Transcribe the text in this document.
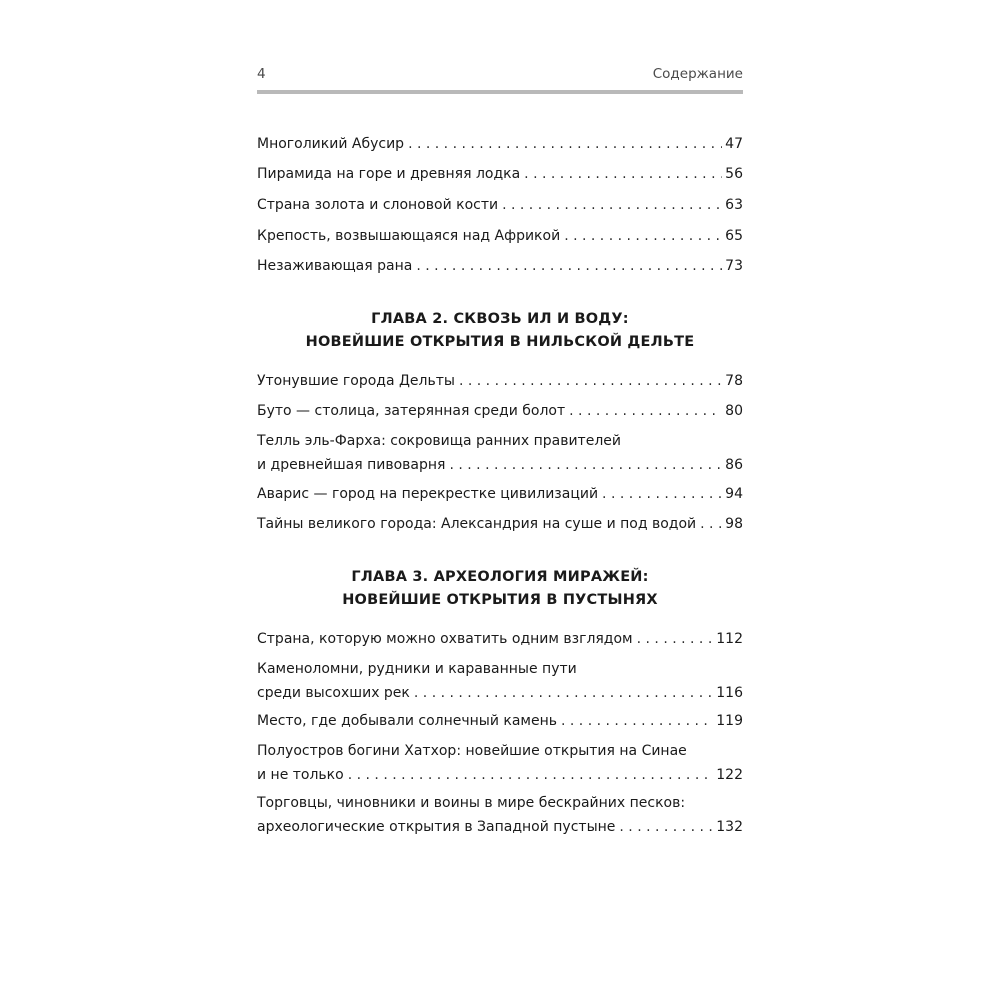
4	Содержание
Многоликий Абусир . . .	47
Пирамида на горе и древняя лодка . . .	56
Страна золота и слоновой кости . . .	63
Крепость, возвышающаяся над Африкой . . .	65
Незаживающая рана . . .	73
ГЛАВА 2. СКВОЗЬ ИЛ И ВОДУ:
НОВЕЙШИЕ ОТКРЫТИЯ В НИЛЬСКОЙ ДЕЛЬТЕ
Утонувшие города Дельты . . .	78
Буто — столица, затерянная среди болот . . .	80
Телль эль-Фарха: сокровища ранних правителей
и древнейшая пивоварня . . .	86
Аварис — город на перекрестке цивилизаций . . .	94
Тайны великого города: Александрия на суше и под водой . . . 98
ГЛАВА 3. АРХЕОЛОГИЯ МИРАЖЕЙ:
НОВЕЙШИЕ ОТКРЫТИЯ В ПУСТЫНЯХ
Страна, которую можно охватить одним взглядом . . .	112
Каменоломни, рудники и караванные пути
среди высохших рек . . .	116
Место, где добывали солнечный камень . . .	119
Полуостров богини Хатхор: новейшие открытия на Синае
и не только . . .	122
Торговцы, чиновники и воины в мире бескрайних песков:
археологические открытия в Западной пустыне . . .	132
